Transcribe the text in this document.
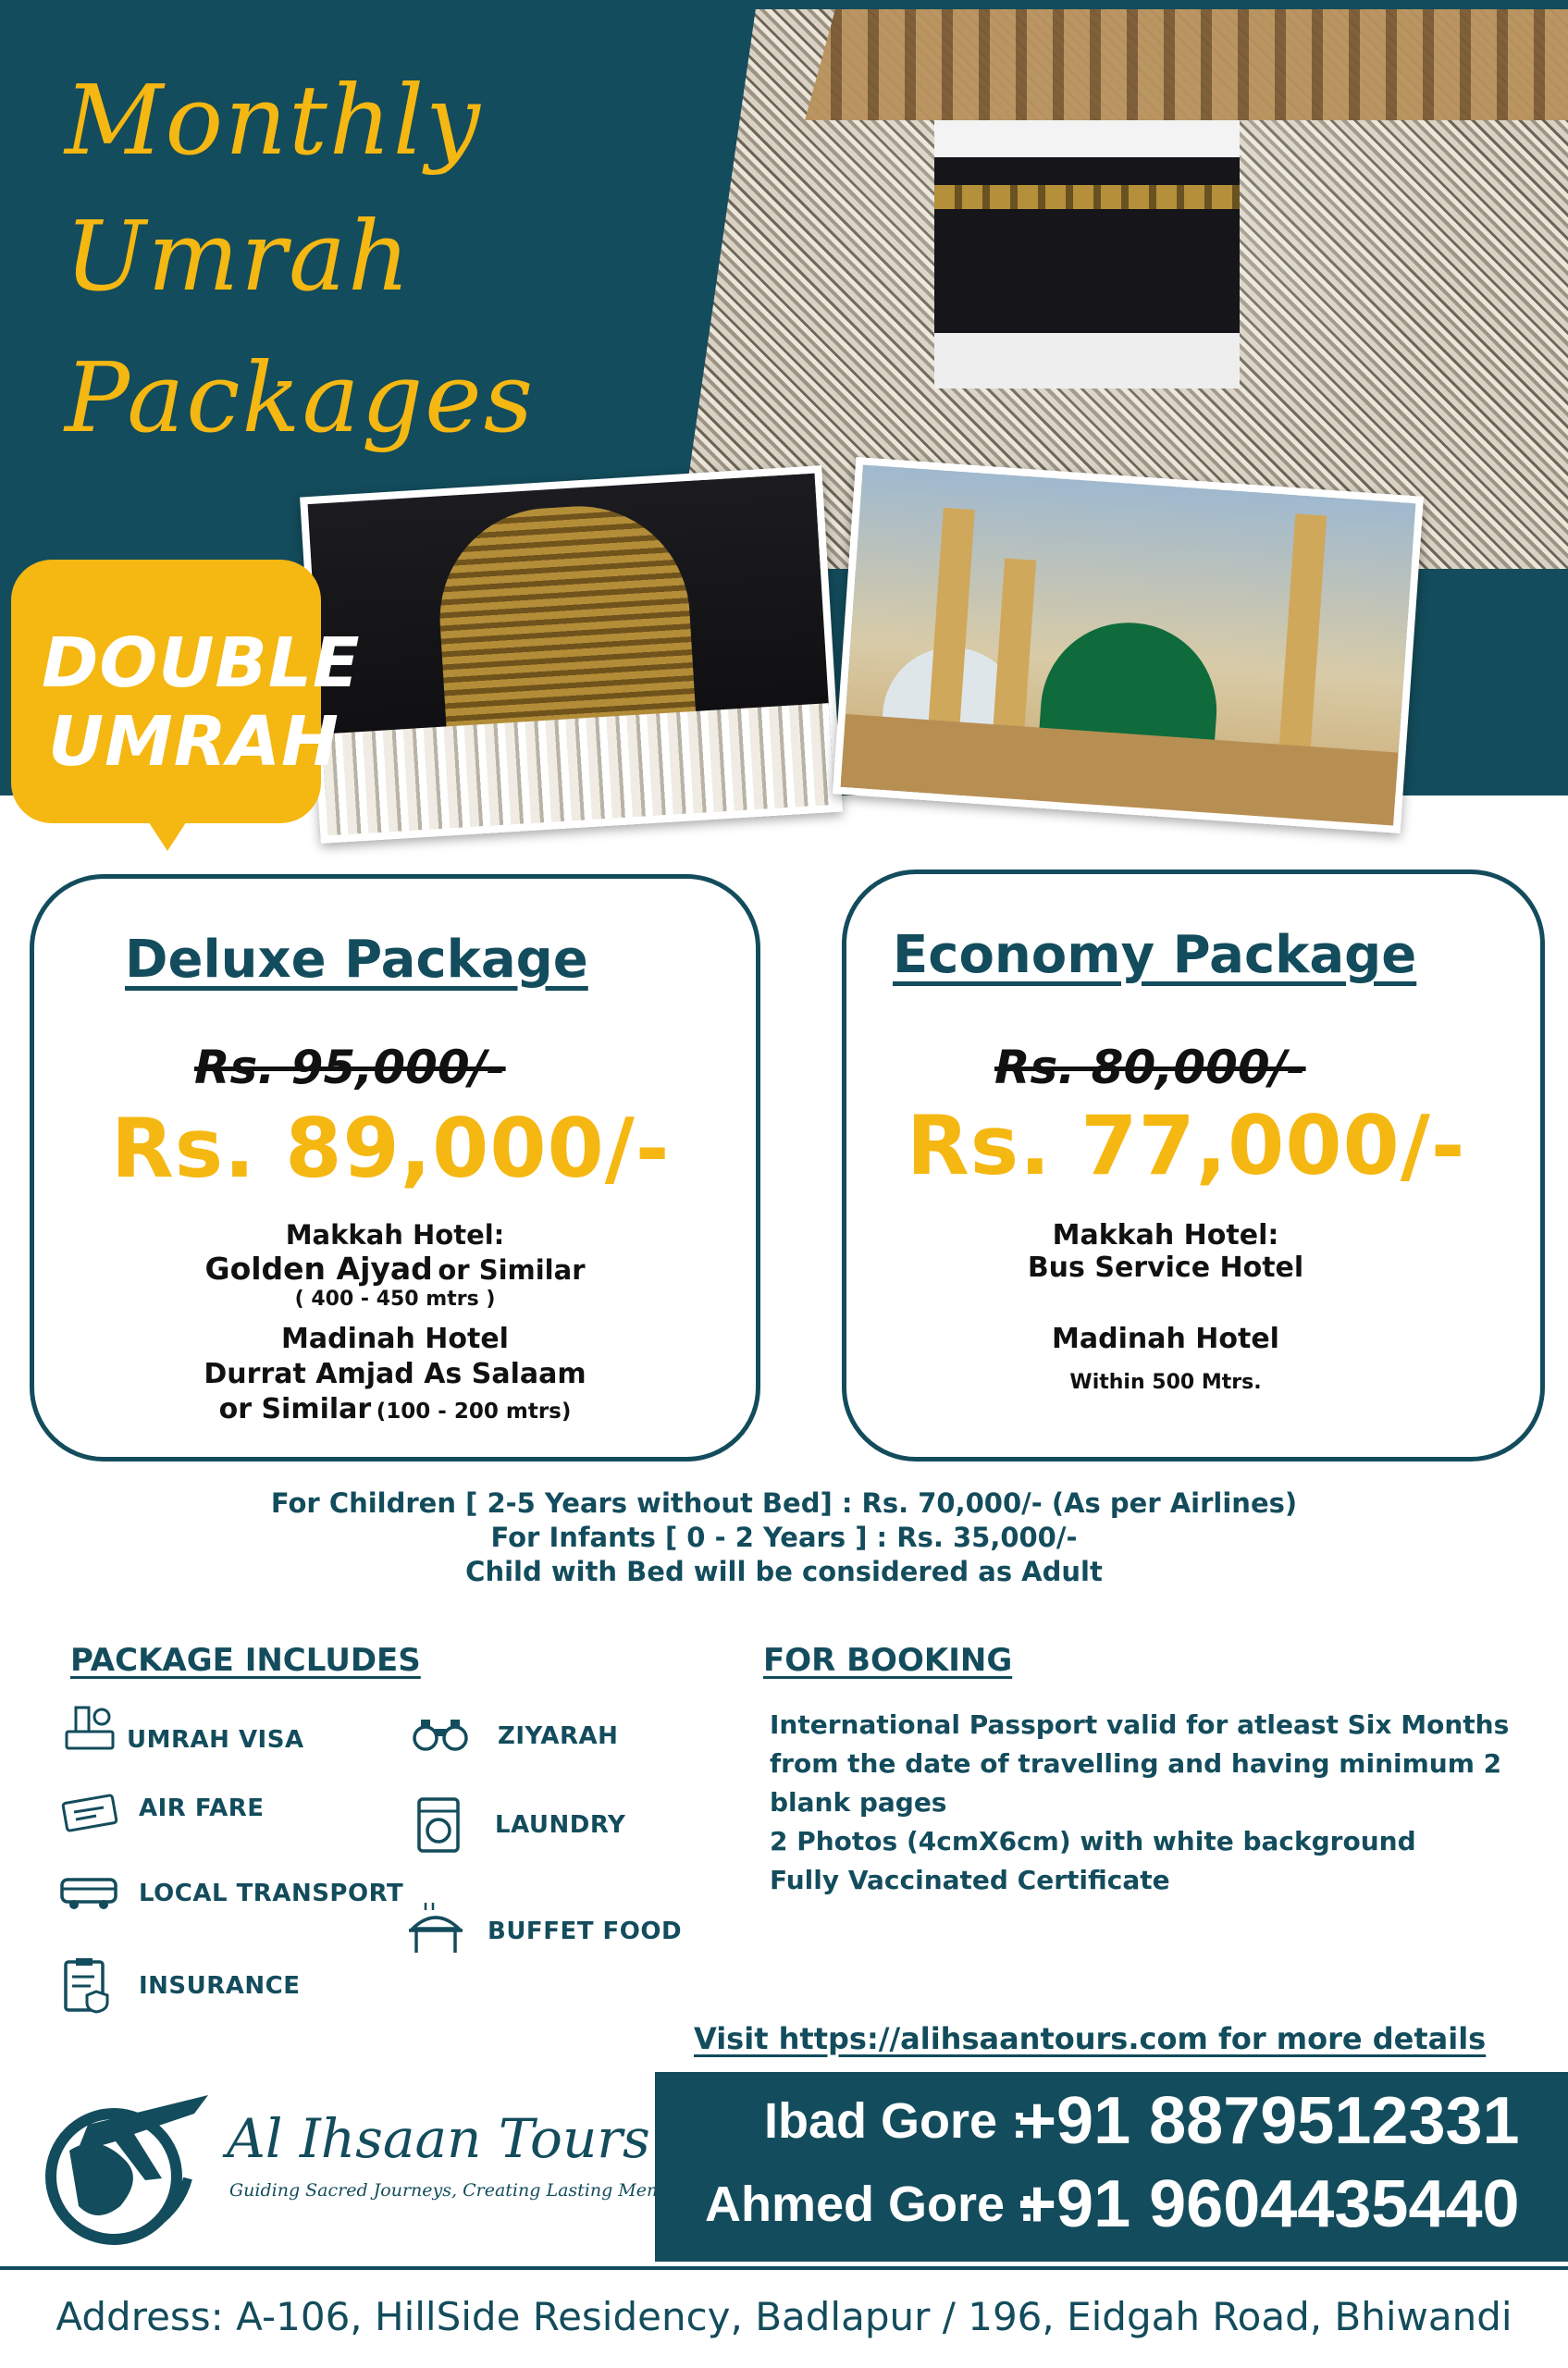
Monthly
Umrah
Packages
DOUBLE
UMRAH
Deluxe Package
Rs. 95,000/-
Rs. 89,000/-
Makkah Hotel:
Golden Ajyad or Similar
( 400 - 450 mtrs )
Madinah Hotel
Durrat Amjad As Salaam
or Similar (100 - 200 mtrs)
Economy Package
Rs. 80,000/-
Rs. 77,000/-
Makkah Hotel:
Bus Service Hotel
Madinah Hotel
Within 500 Mtrs.
For Children [ 2-5 Years without Bed] : Rs. 70,000/- (As per Airlines)
For Infants [ 0 - 2 Years ] : Rs. 35,000/-
Child with Bed will be considered as Adult
PACKAGE INCLUDES
UMRAH VISA	ZIYARAH
AIR FARE
LAUNDRY
LOCAL TRANSPORT
BUFFET FOOD
INSURANCE
FOR BOOKING
International Passport valid for atleast Six Months
from the date of travelling and having minimum 2
blank pages
2 Photos (4cmX6cm) with white background
Fully Vaccinated Certificate
Visit https://alihsaantours.com for more details
Ibad Gore :
+91 8879512331
Ahmed Gore :
+91 9604435440
Al Ihsaan Tours
Guiding Sacred Journeys, Creating Lasting Memories
Address: A-106, HillSide Residency, Badlapur / 196, Eidgah Road, Bhiwandi
